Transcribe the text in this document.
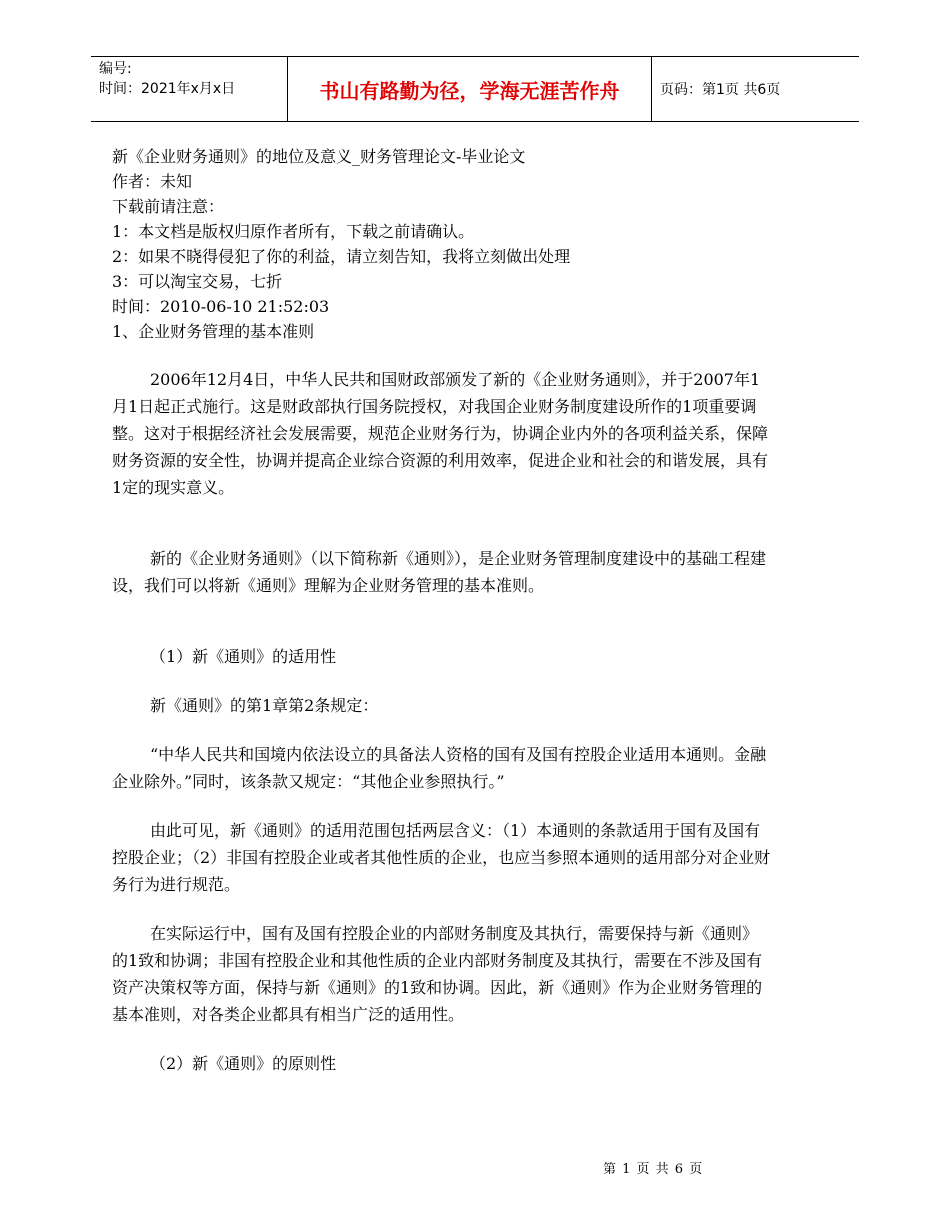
编号:
时间：2021年x月x日	书山有路勤为径，学海无涯苦作舟	页码：第1页 共6页
新《企业财务通则》的地位及意义_财务管理论文-毕业论文
作者：未知
下载前请注意：
1：本文档是版权归原作者所有，下载之前请确认。
2：如果不晓得侵犯了你的利益，请立刻告知，我将立刻做出处理
3：可以淘宝交易，七折
时间：2010-06-10 21:52:03
1、企业财务管理的基本准则

2006年12月4日，中华人民共和国财政部颁发了新的《企业财务通则》，并于2007年1月1日起正式施行。这是财政部执行国务院授权，对我国企业财务制度建设所作的1项重要调整。这对于根据经济社会发展需要，规范企业财务行为，协调企业内外的各项利益关系，保障财务资源的安全性，协调并提高企业综合资源的利用效率，促进企业和社会的和谐发展，具有1定的现实意义。

新的《企业财务通则》（以下简称新《通则》），是企业财务管理制度建设中的基础工程建设，我们可以将新《通则》理解为企业财务管理的基本准则。

（1）新《通则》的适用性

新《通则》的第1章第2条规定：

“中华人民共和国境内依法设立的具备法人资格的国有及国有控股企业适用本通则。金融企业除外。”同时，该条款又规定：“其他企业参照执行。”

由此可见，新《通则》的适用范围包括两层含义：（1）本通则的条款适用于国有及国有控股企业；（2）非国有控股企业或者其他性质的企业，也应当参照本通则的适用部分对企业财务行为进行规范。

在实际运行中，国有及国有控股企业的内部财务制度及其执行，需要保持与新《通则》的1致和协调；非国有控股企业和其他性质的企业内部财务制度及其执行，需要在不涉及国有资产决策权等方面，保持与新《通则》的1致和协调。因此，新《通则》作为企业财务管理的基本准则，对各类企业都具有相当广泛的适用性。

（2）新《通则》的原则性

第 1 页 共 6 页
